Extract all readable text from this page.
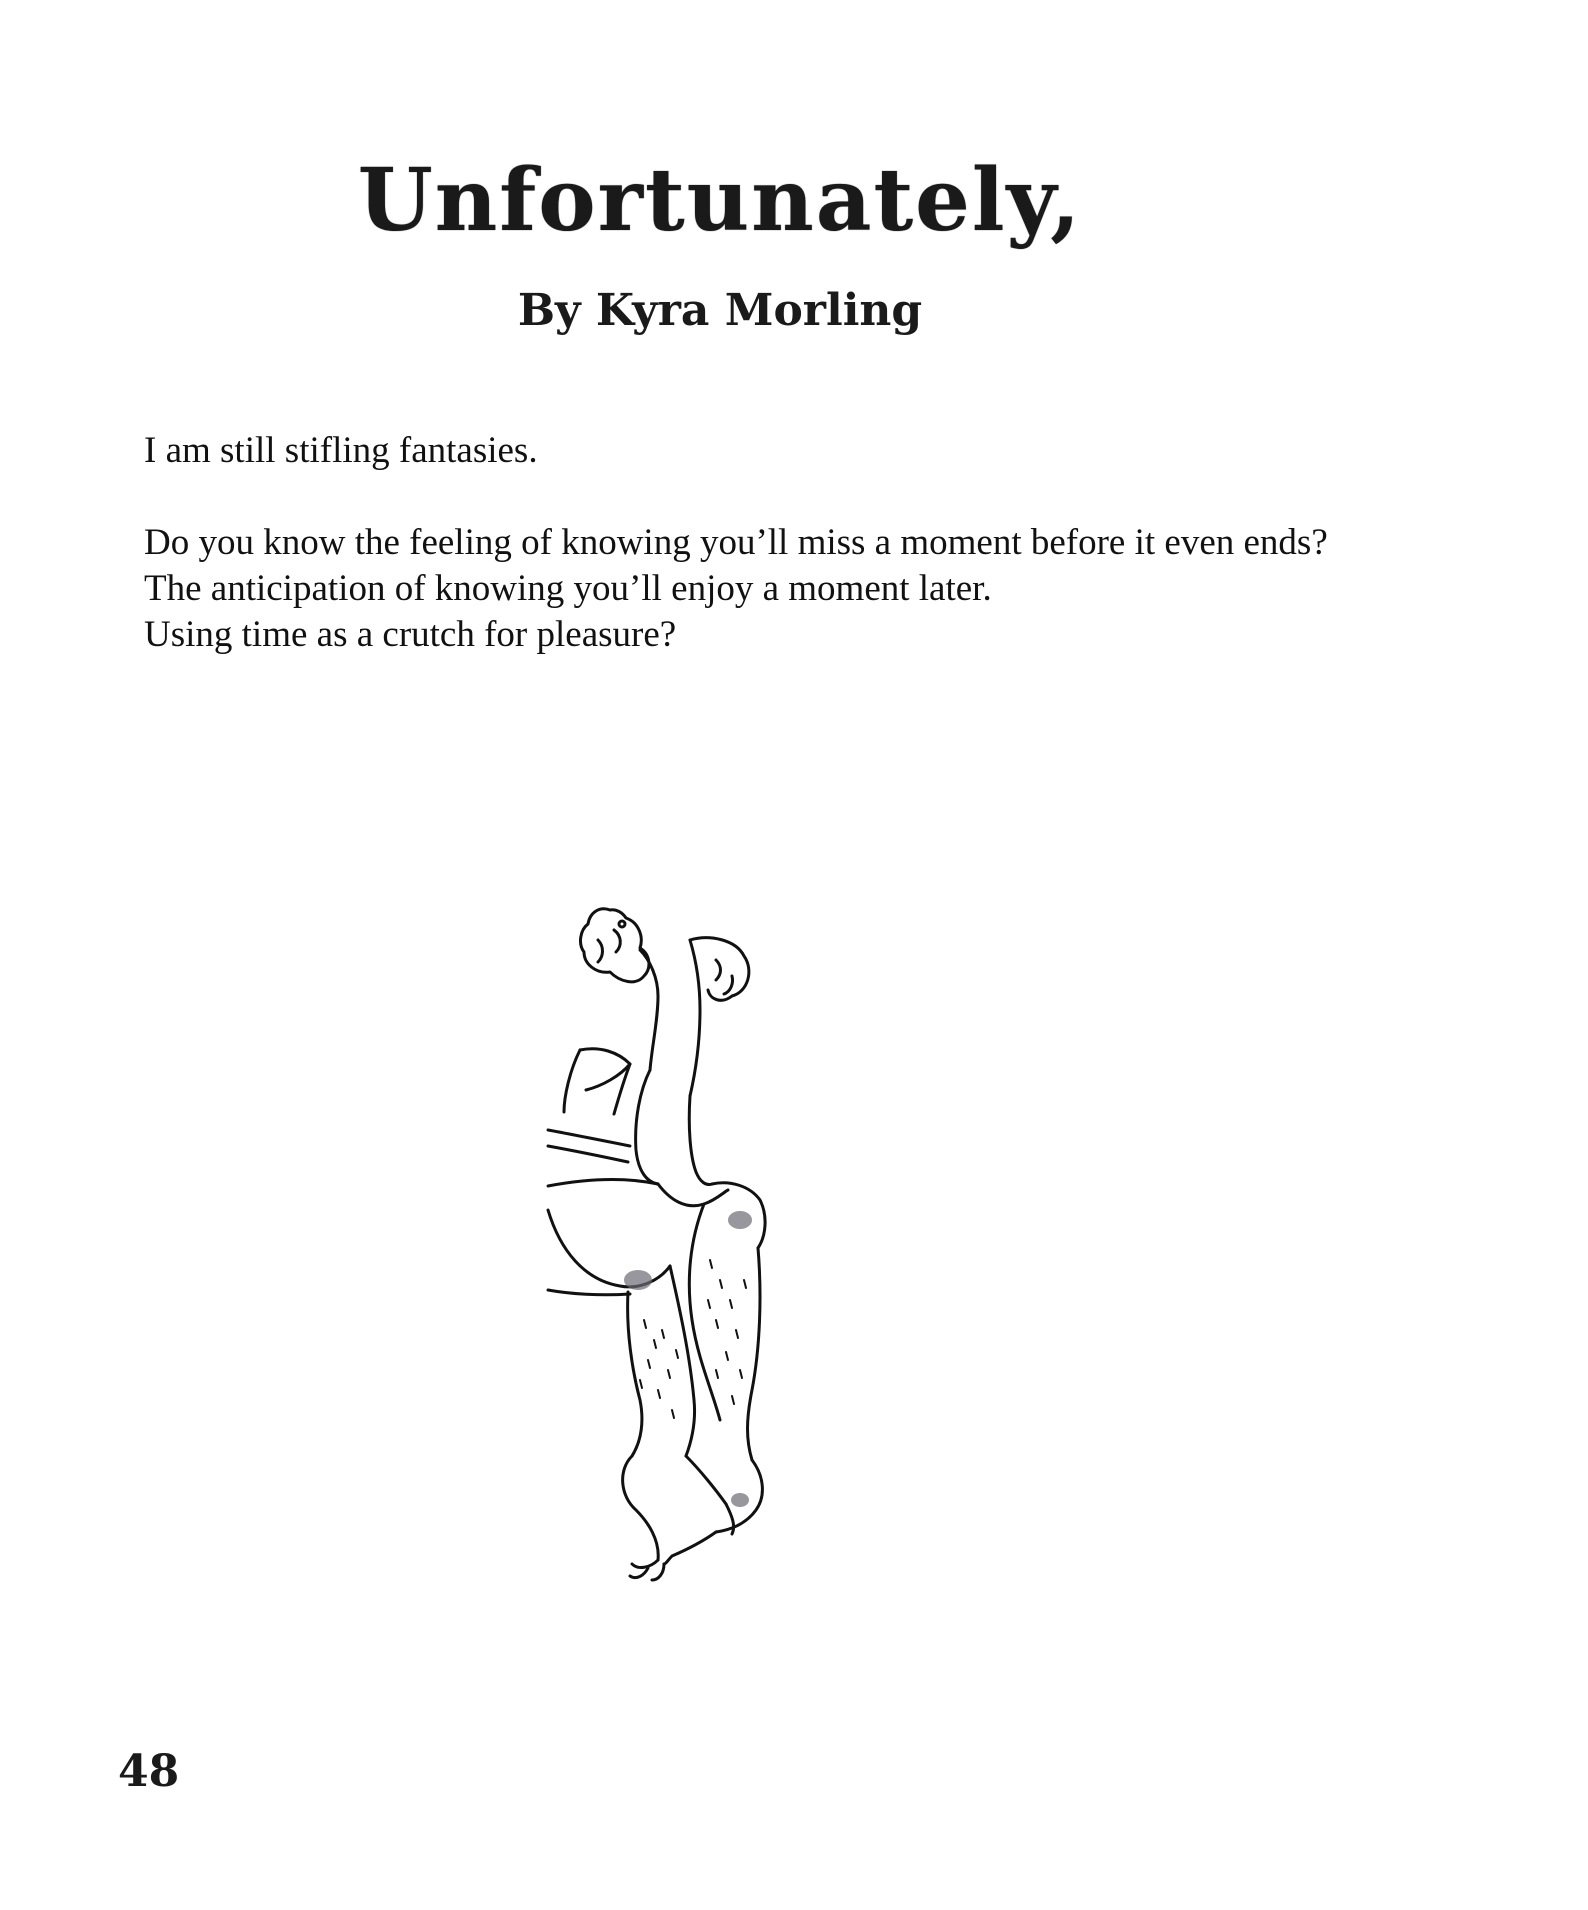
Unfortunately,
By Kyra Morling
I am still stifling fantasies.
Do you know the feeling of knowing you’ll miss a moment before it even ends?
The anticipation of knowing you’ll enjoy a moment later.
Using time as a crutch for pleasure?
48
